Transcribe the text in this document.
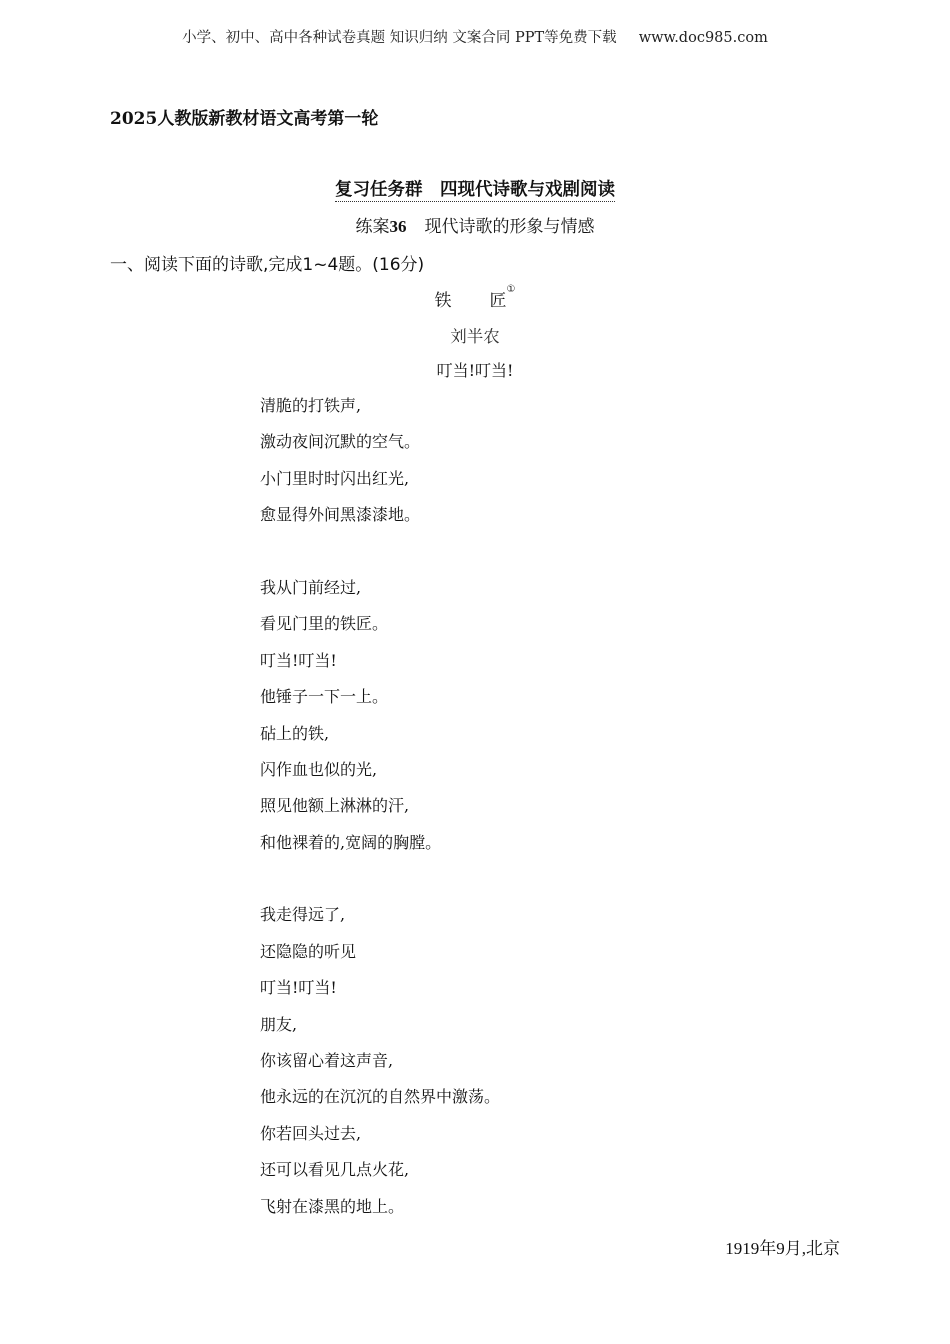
小学、初中、高中各种试卷真题 知识归纳 文案合同 PPT等免费下载 www.doc985.com
2025人教版新教材语文高考第一轮
复习任务群　四现代诗歌与戏剧阅读
练案36 现代诗歌的形象与情感
一、阅读下面的诗歌,完成1~4题。(16分)
铁 匠①
刘半农
叮当!叮当!
清脆的打铁声,
激动夜间沉默的空气。
小门里时时闪出红光,
愈显得外间黑漆漆地。
我从门前经过,
看见门里的铁匠。
叮当!叮当!
他锤子一下一上。
砧上的铁,
闪作血也似的光,
照见他额上淋淋的汗,
和他裸着的,宽阔的胸膛。
我走得远了,
还隐隐的听见
叮当!叮当!
朋友,
你该留心着这声音,
他永远的在沉沉的自然界中激荡。
你若回头过去,
还可以看见几点火花,
飞射在漆黑的地上。
1919年9月,北京
